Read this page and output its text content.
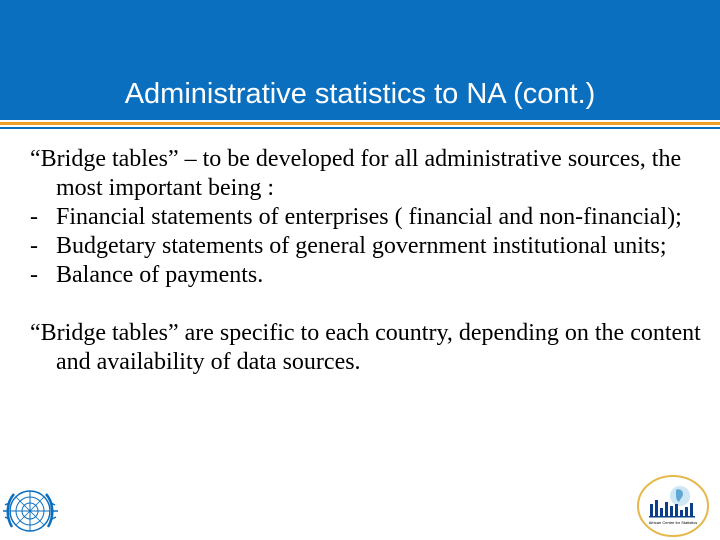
Administrative statistics to NA (cont.)

“Bridge tables” – to be developed for all administrative sources, the most important being :

- Financial statements of enterprises ( financial and non-financial);
- Budgetary statements of general government institutional units;
- Balance of payments.

“Bridge tables” are specific to each country, depending on the content and availability of data sources.

African Centre for Statistics
